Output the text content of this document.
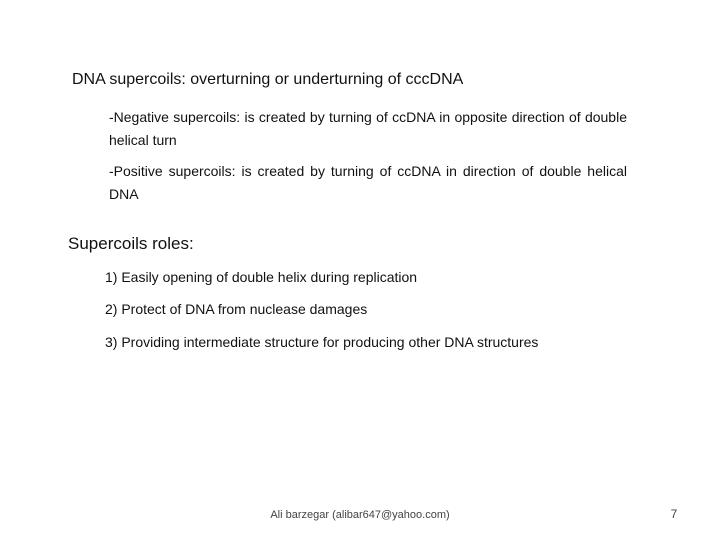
DNA supercoils: overturning or underturning of cccDNA
-Negative supercoils: is created by turning of ccDNA in opposite direction of double helical turn
-Positive supercoils: is created by turning of ccDNA in direction of double helical DNA
Supercoils roles:
1) Easily opening of double helix during replication
2) Protect of DNA from nuclease damages
3) Providing intermediate structure for producing other DNA structures
Ali barzegar (alibar647@yahoo.com)	7
